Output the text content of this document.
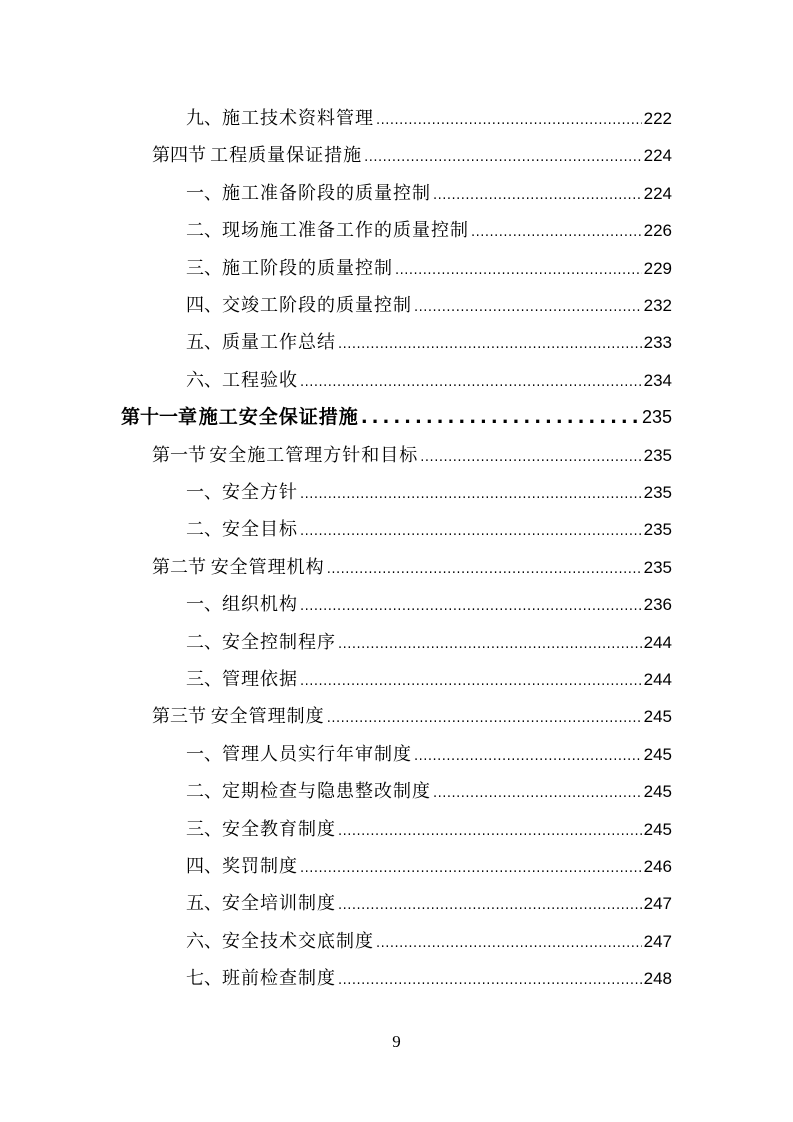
九、 施工技术资料管理 .....	222
第四节 工程质量保证措施 .....	224
一、 施工准备阶段的质量控制 .....	224
二、 现场施工准备工作的质量控制 .....	226
三、 施工阶段的质量控制 .....	229
四、 交竣工阶段的质量控制 .....	232
五、 质量工作总结 .....	233
六、 工程验收 .....	234
第十一章 施工安全保证措施 .....	235
第一节 安全施工管理方针和目标 .....	235
一、 安全方针 .....	235
二、 安全目标 .....	235
第二节 安全管理机构 .....	235
一、 组织机构 .....	236
二、 安全控制程序 .....	244
三、 管理依据 .....	244
第三节 安全管理制度 .....	245
一、 管理人员实行年审制度 .....	245
二、 定期检查与隐患整改制度 .....	245
三、 安全教育制度 .....	245
四、 奖罚制度 .....	246
五、 安全培训制度 .....	247
六、 安全技术交底制度 .....	247
七、 班前检查制度 .....	248
9
